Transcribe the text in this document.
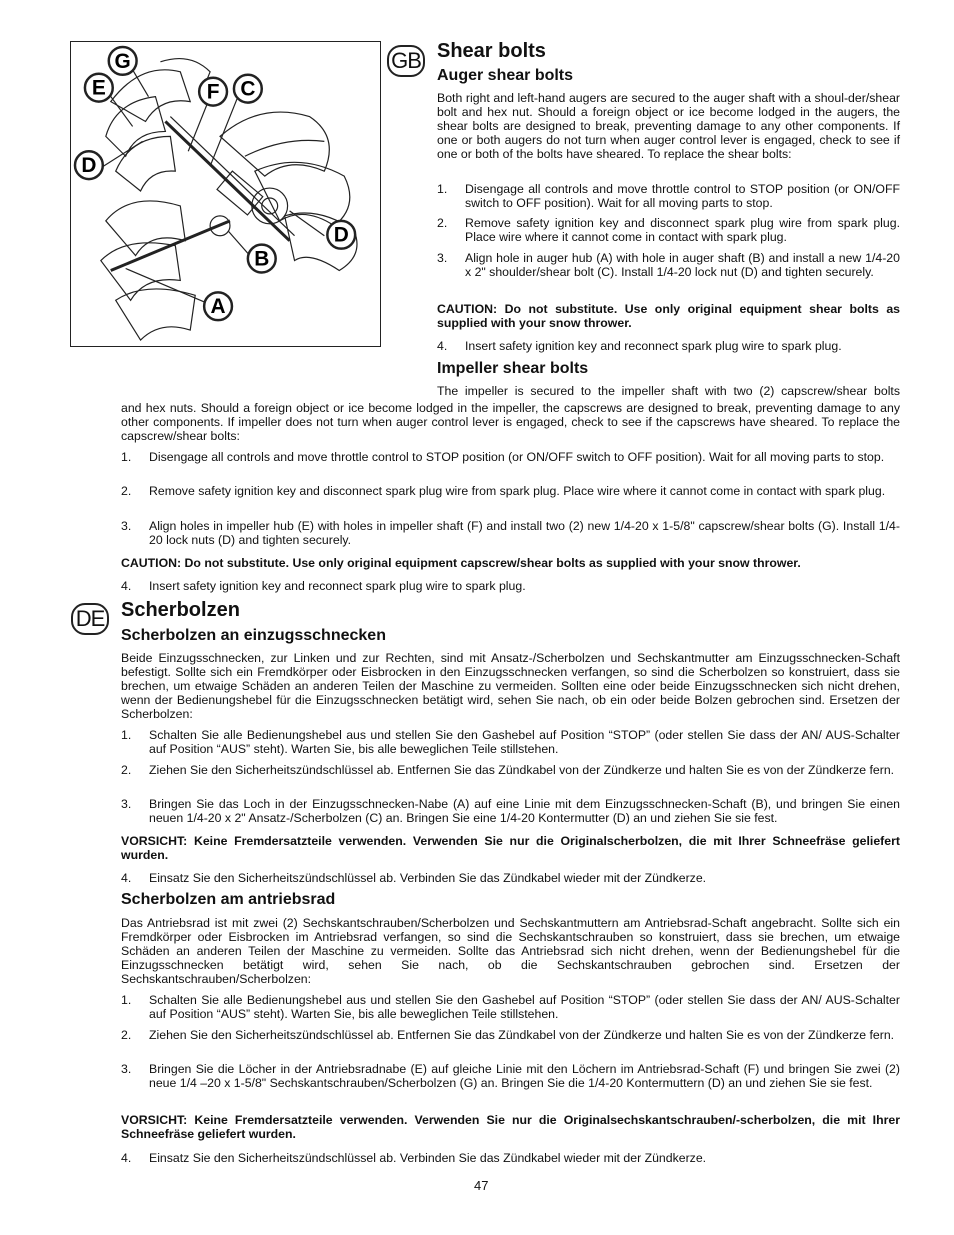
G
E	F C
D
D
B
A
GB Shear bolts
Auger shear bolts
Both right and left-hand augers are secured to the auger shaft with a shoul-der/shear bolt and hex nut. Should a foreign object or ice become lodged in the augers, the shear bolts are designed to break, preventing damage to any other components. If one or both augers do not turn when auger control lever is engaged, check to see if one or both of the bolts have sheared. To replace the shear bolts:
1. Disengage all controls and move throttle control to STOP position (or ON/OFF switch to OFF position). Wait for all moving parts to stop.
2. Remove safety ignition key and disconnect spark plug wire from spark plug. Place wire where it cannot come in contact with spark plug.
3. Align hole in auger hub (A) with hole in auger shaft (B) and install a new 1/4-20 x 2" shoulder/shear bolt (C). Install 1/4-20 lock nut (D) and tighten securely.
CAUTION: Do not substitute. Use only original equipment shear bolts as supplied with your snow thrower.
4. Insert safety ignition key and reconnect spark plug wire to spark plug.
Impeller shear bolts
The impeller is secured to the impeller shaft with two (2) capscrew/shear bolts
and hex nuts. Should a foreign object or ice become lodged in the impeller, the capscrews are designed to break, preventing damage to any other components. If impeller does not turn when auger control lever is engaged, check to see if the capscrews have sheared. To replace the capscrew/shear bolts:
1. Disengage all controls and move throttle control to STOP position (or ON/OFF switch to OFF position). Wait for all moving parts to stop.
2. Remove safety ignition key and disconnect spark plug wire from spark plug. Place wire where it cannot come in contact with spark plug.
3. Align holes in impeller hub (E) with holes in impeller shaft (F) and install two (2) new 1/4-20 x 1-5/8" capscrew/shear bolts (G). Install 1/4-20 lock nuts (D) and tighten securely.
CAUTION: Do not substitute. Use only original equipment capscrew/shear bolts as supplied with your snow thrower.
4. Insert safety ignition key and reconnect spark plug wire to spark plug.
DE Scherbolzen
Scherbolzen an einzugsschnecken
Beide Einzugsschnecken, zur Linken und zur Rechten, sind mit Ansatz-/Scherbolzen und Sechskantmutter am Einzugsschnecken-Schaft befestigt. Sollte sich ein Fremdkörper oder Eisbrocken in den Einzugsschnecken verfangen, so sind die Scherbolzen so konstruiert, dass sie brechen, um etwaige Schäden an anderen Teilen der Maschine zu vermeiden. Sollten eine oder beide Einzugsschnecken sich nicht drehen, wenn der Bedienungshebel für die Einzugsschnecken betätigt wird, sehen Sie nach, ob ein oder beide Bolzen gebrochen sind. Ersetzen der Scherbolzen:
1. Schalten Sie alle Bedienungshebel aus und stellen Sie den Gashebel auf Position “STOP” (oder stellen Sie dass der AN/ AUS-Schalter auf Position “AUS” steht). Warten Sie, bis alle beweglichen Teile stillstehen.
2. Ziehen Sie den Sicherheitszündschlüssel ab. Entfernen Sie das Zündkabel von der Zündkerze und halten Sie es von der Zündkerze fern.
3. Bringen Sie das Loch in der Einzugsschnecken-Nabe (A) auf eine Linie mit dem Einzugsschnecken-Schaft (B), und bringen Sie einen neuen 1/4-20 x 2" Ansatz-/Scherbolzen (C) an. Bringen Sie eine 1/4-20 Kontermutter (D) an und ziehen Sie sie fest.
VORSICHT: Keine Fremdersatzteile verwenden. Verwenden Sie nur die Originalscherbolzen, die mit Ihrer Schneefräse geliefert wurden.
4. Einsatz Sie den Sicherheitszündschlüssel ab. Verbinden Sie das Zündkabel wieder mit der Zündkerze.
Scherbolzen am antriebsrad
Das Antriebsrad ist mit zwei (2) Sechskantschrauben/Scherbolzen und Sechskantmuttern am Antriebsrad-Schaft angebracht. Sollte sich ein Fremdkörper oder Eisbrocken im Antriebsrad verfangen, so sind die Sechskantschrauben so konstruiert, dass sie brechen, um etwaige Schäden an anderen Teilen der Maschine zu vermeiden. Sollte das Antriebsrad sich nicht drehen, wenn der Bedienungshebel für die Einzugsschnecken betätigt wird, sehen Sie nach, ob die Sechskantschrauben gebrochen sind. Ersetzen der Sechskantschrauben/Scherbolzen:
1. Schalten Sie alle Bedienungshebel aus und stellen Sie den Gashebel auf Position “STOP” (oder stellen Sie dass der AN/ AUS-Schalter auf Position “AUS” steht). Warten Sie, bis alle beweglichen Teile stillstehen.
2. Ziehen Sie den Sicherheitszündschlüssel ab. Entfernen Sie das Zündkabel von der Zündkerze und halten Sie es von der Zündkerze fern.
3. Bringen Sie die Löcher in der Antriebsradnabe (E) auf gleiche Linie mit den Löchern im Antriebsrad-Schaft (F) und bringen Sie zwei (2) neue 1/4 –20 x 1-5/8" Sechskantschrauben/Scherbolzen (G) an. Bringen Sie die 1/4-20 Kontermuttern (D) an und ziehen Sie sie fest.
VORSICHT: Keine Fremdersatzteile verwenden. Verwenden Sie nur die Originalsechskantschrauben/-scherbolzen, die mit Ihrer Schneefräse geliefert wurden.
4. Einsatz Sie den Sicherheitszündschlüssel ab. Verbinden Sie das Zündkabel wieder mit der Zündkerze.
47
